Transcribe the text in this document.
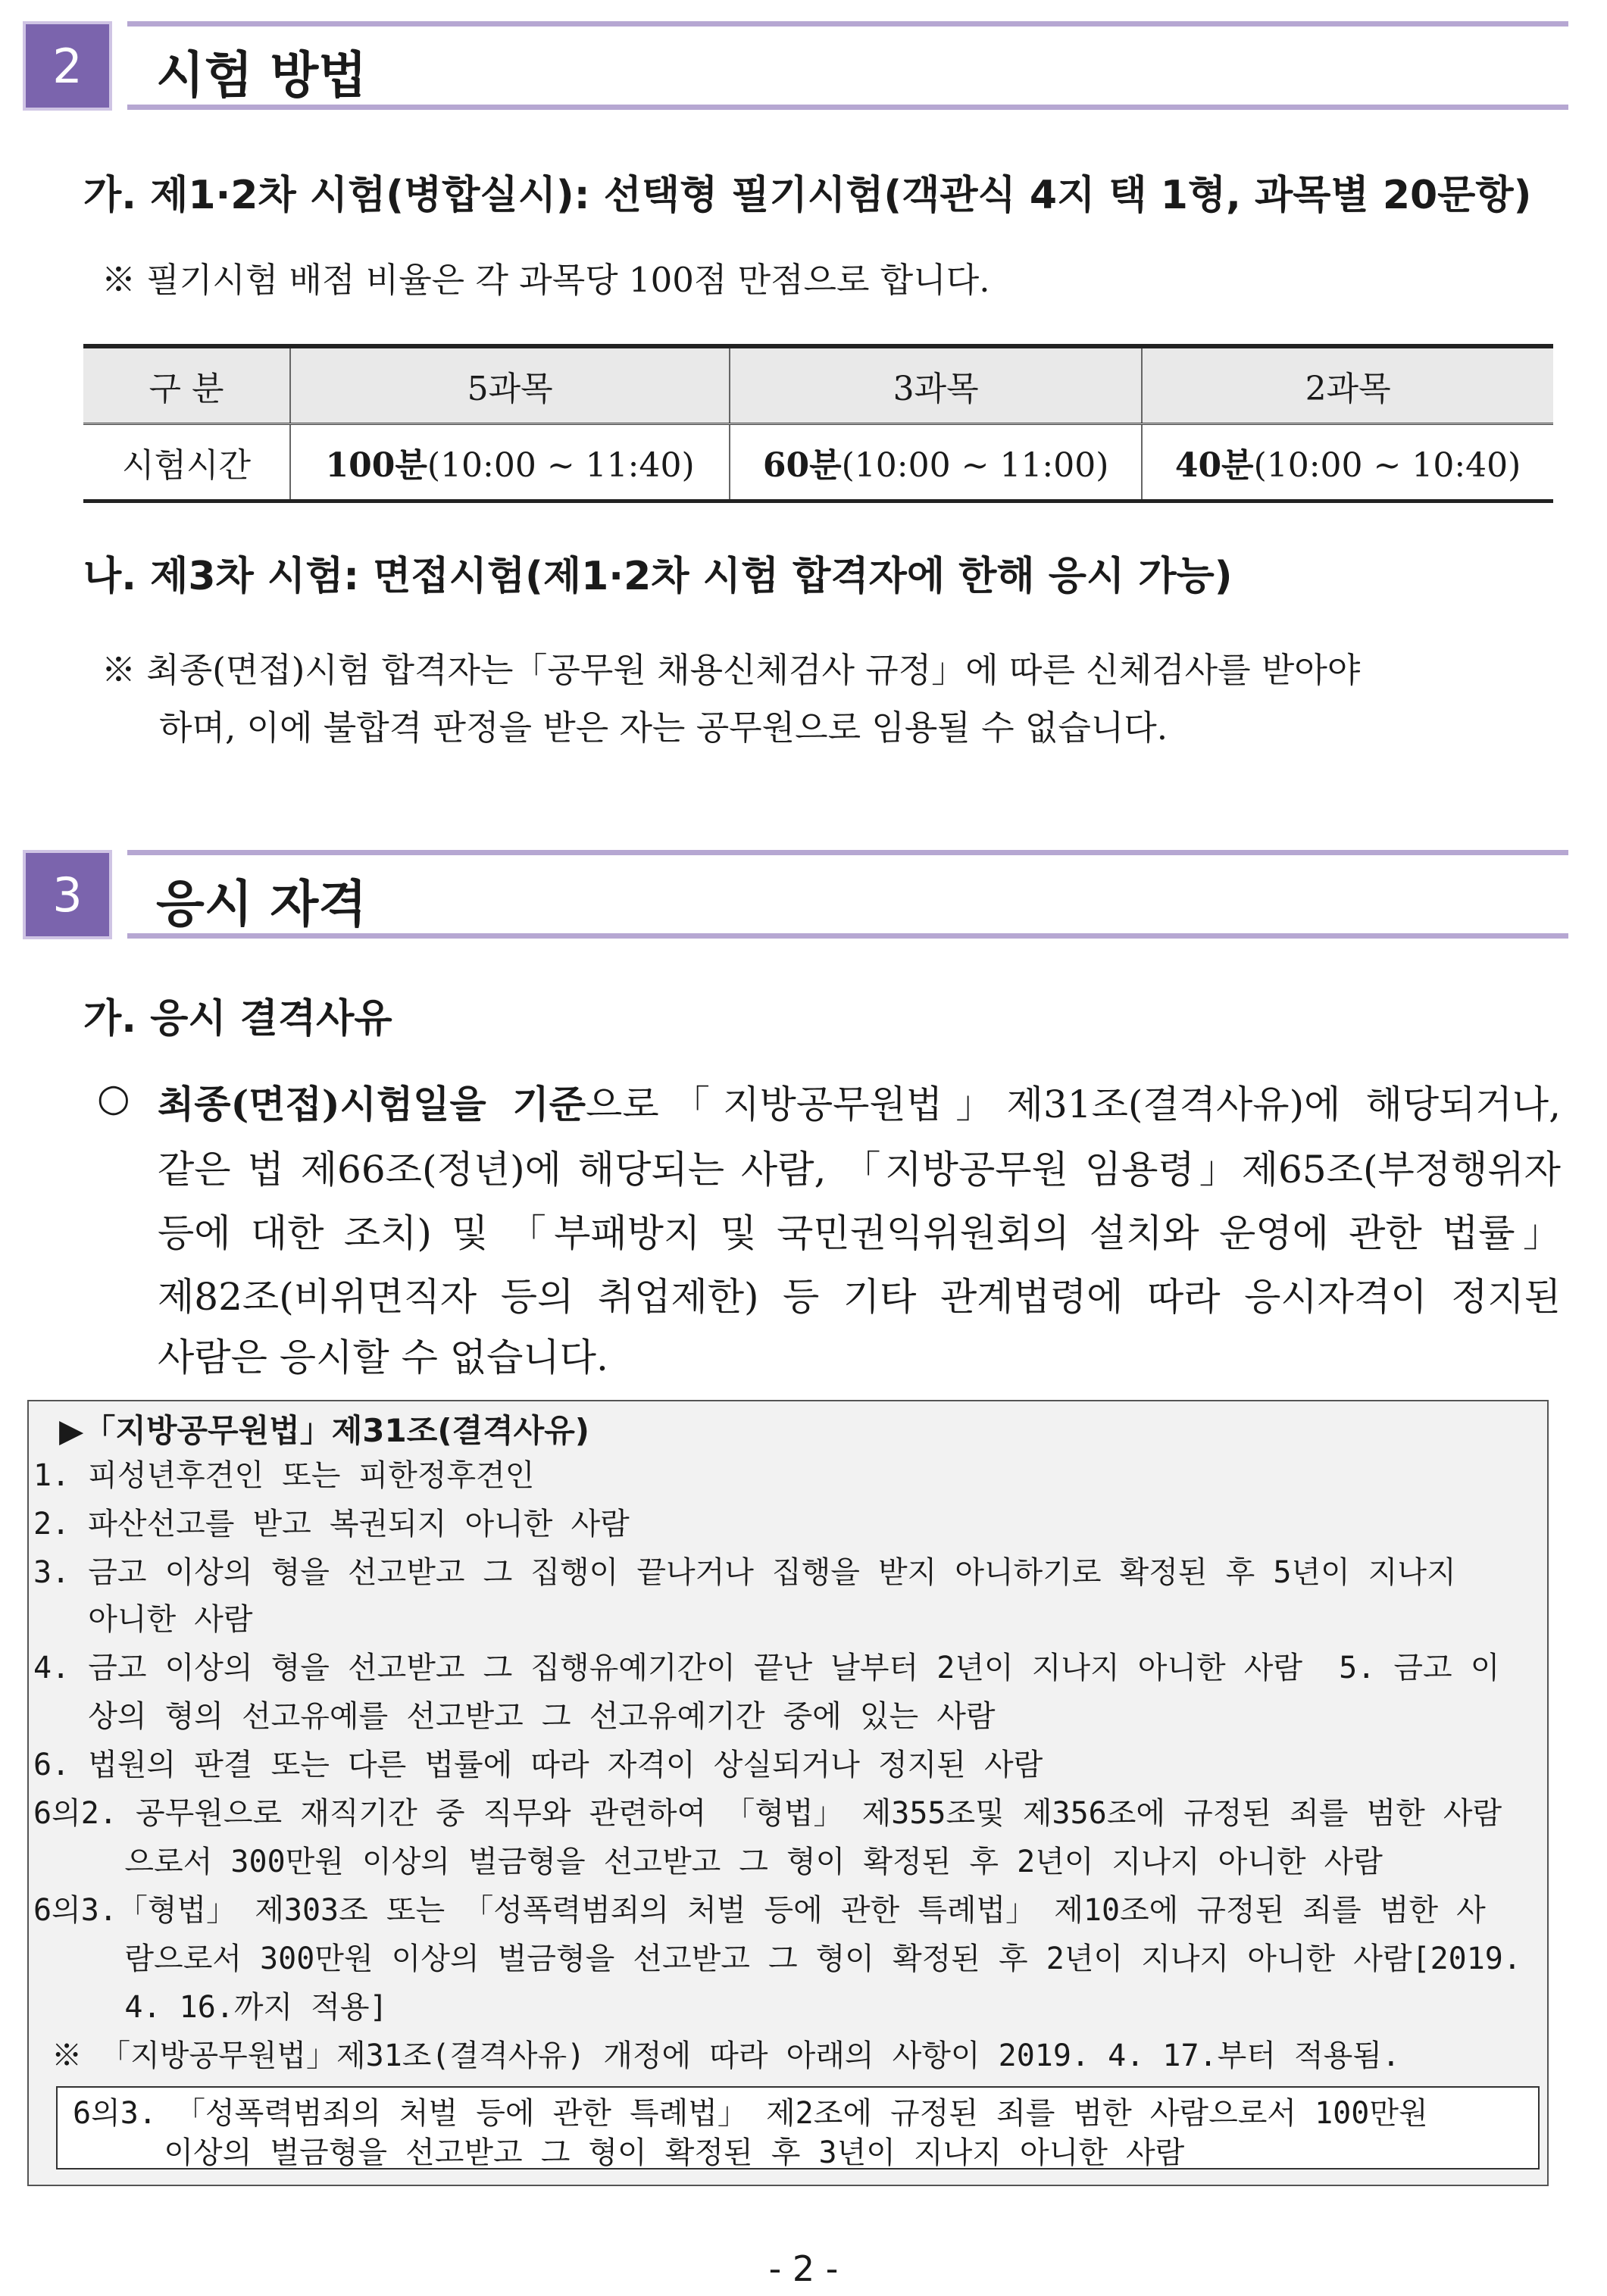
2	시험 방법
가. 제1·2차 시험(병합실시): 선택형 필기시험(객관식 4지 택 1형, 과목별 20문항)
※ 필기시험 배점 비율은 각 과목당 100점 만점으로 합니다.
구 분	5과목	3과목	2과목
시험시간	100분(10:00 ~ 11:40)	60분(10:00 ~ 11:00)	40분(10:00 ~ 10:40)
나. 제3차 시험: 면접시험(제1·2차 시험 합격자에 한해 응시 가능)
※ 최종(면접)시험 합격자는「공무원 채용신체검사 규정」에 따른 신체검사를 받아야
하며, 이에 불합격 판정을 받은 자는 공무원으로 임용될 수 없습니다.
3	응시 자격
가. 응시 결격사유
○ 최종(면접)시험일을 기준으로「지방공무원법」제31조(결격사유)에 해당되거나,
같은 법 제66조(정년)에 해당되는 사람, 「지방공무원 임용령」제65조(부정행위자
등에 대한 조치) 및 「부패방지 및 국민권익위원회의 설치와 운영에 관한 법률」
제82조(비위면직자 등의 취업제한) 등 기타 관계법령에 따라 응시자격이 정지된
사람은 응시할 수 없습니다.
▶「지방공무원법」제31조(결격사유)
1. 피성년후견인 또는 피한정후견인
2. 파산선고를 받고 복권되지 아니한 사람
3. 금고 이상의 형을 선고받고 그 집행이 끝나거나 집행을 받지 아니하기로 확정된 후 5년이 지나지
아니한 사람
4. 금고 이상의 형을 선고받고 그 집행유예기간이 끝난 날부터 2년이 지나지 아니한 사람  5. 금고 이
상의 형의 선고유예를 선고받고 그 선고유예기간 중에 있는 사람
6. 법원의 판결 또는 다른 법률에 따라 자격이 상실되거나 정지된 사람
6의2. 공무원으로 재직기간 중 직무와 관련하여 「형법」 제355조및 제356조에 규정된 죄를 범한 사람
으로서 300만원 이상의 벌금형을 선고받고 그 형이 확정된 후 2년이 지나지 아니한 사람
6의3.「형법」 제303조 또는 「성폭력범죄의 처벌 등에 관한 특례법」 제10조에 규정된 죄를 범한 사
람으로서 300만원 이상의 벌금형을 선고받고 그 형이 확정된 후 2년이 지나지 아니한 사람[2019.
4. 16.까지 적용]
※ 「지방공무원법」제31조(결격사유) 개정에 따라 아래의 사항이 2019. 4. 17.부터 적용됨.
6의3. 「성폭력범죄의 처벌 등에 관한 특례법」 제2조에 규정된 죄를 범한 사람으로서 100만원
이상의 벌금형을 선고받고 그 형이 확정된 후 3년이 지나지 아니한 사람
- 2 -
